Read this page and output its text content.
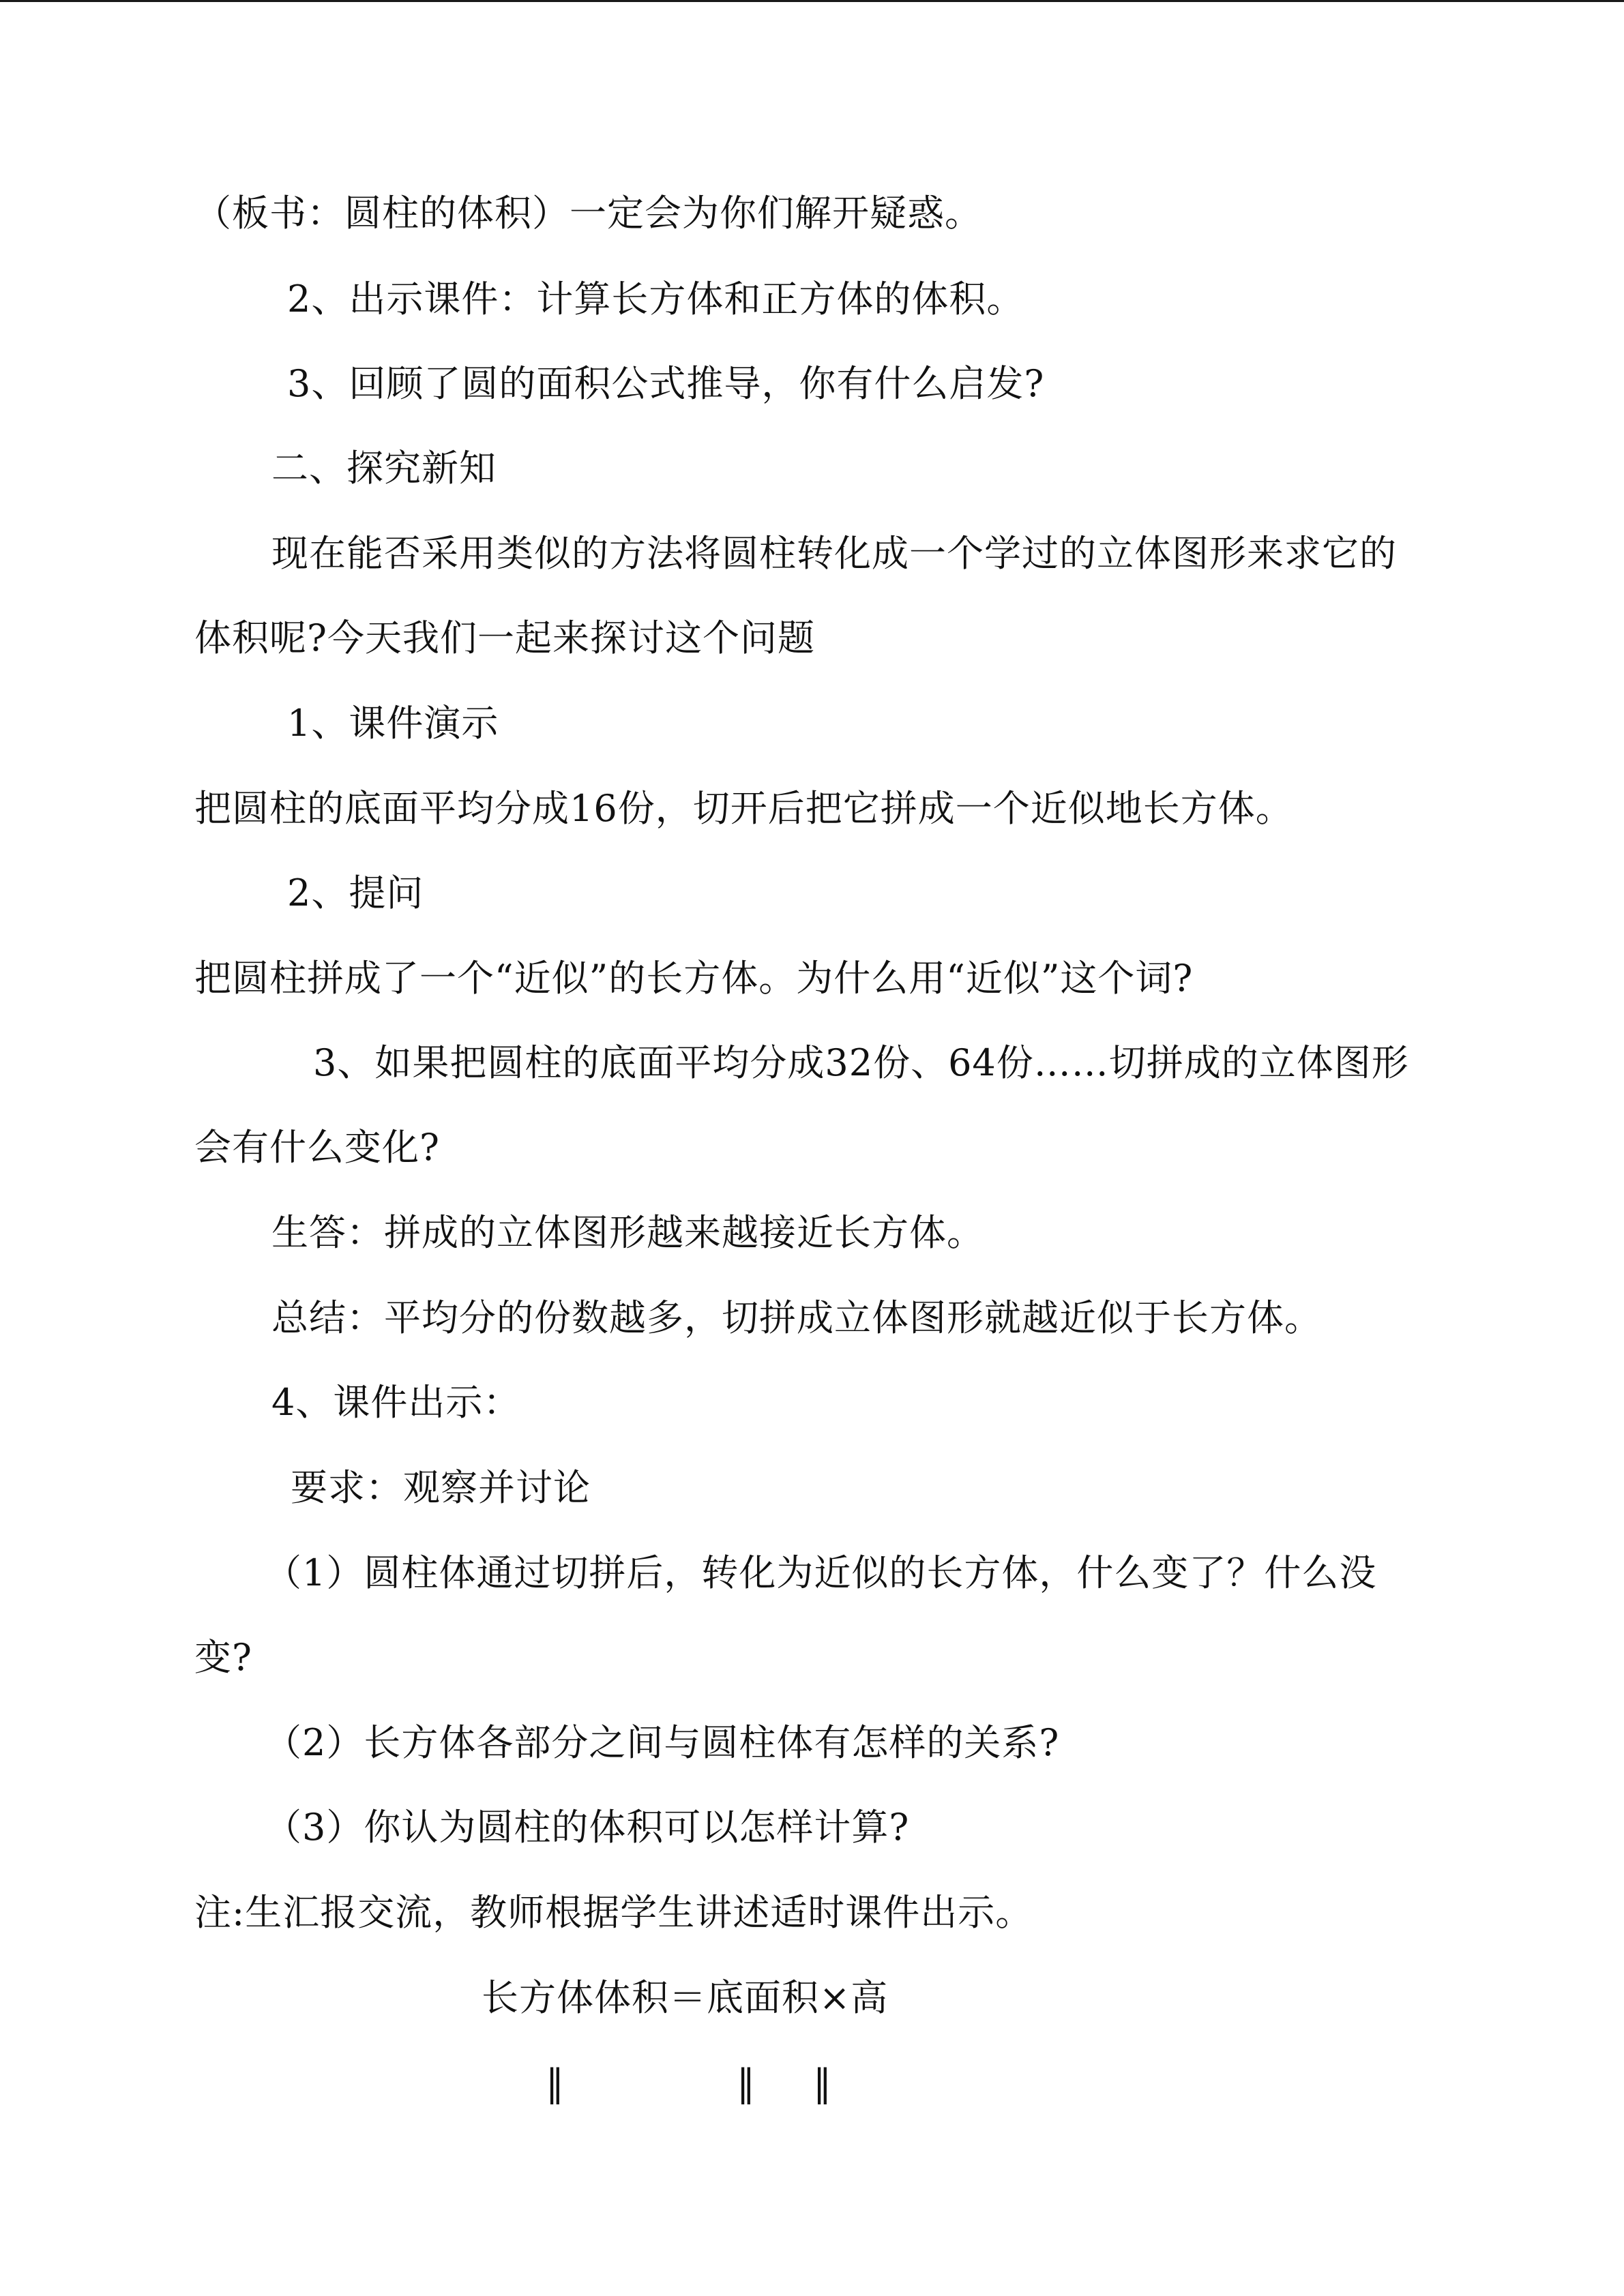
（板书：圆柱的体积）一定会为你们解开疑惑。
2、出示课件：计算长方体和正方体的体积。
3、回顾了圆的面积公式推导，你有什么启发?
二、探究新知
现在能否采用类似的方法将圆柱转化成一个学过的立体图形来求它的
体积呢?今天我们一起来探讨这个问题
1、课件演示
把圆柱的底面平均分成16份，切开后把它拼成一个近似地长方体。
2、提问
把圆柱拼成了一个“近似”的长方体。为什么用“近似”这个词?
3、如果把圆柱的底面平均分成32份、64份……切拼成的立体图形
会有什么变化?
生答：拼成的立体图形越来越接近长方体。
总结：平均分的份数越多，切拼成立体图形就越近似于长方体。
4、课件出示：
要求：观察并讨论
（1）圆柱体通过切拼后，转化为近似的长方体，什么变了？什么没
变?
（2）长方体各部分之间与圆柱体有怎样的关系?
（3）你认为圆柱的体积可以怎样计算?
注:生汇报交流，教师根据学生讲述适时课件出示。
长方体体积＝底面积×高
‖	‖ ‖
